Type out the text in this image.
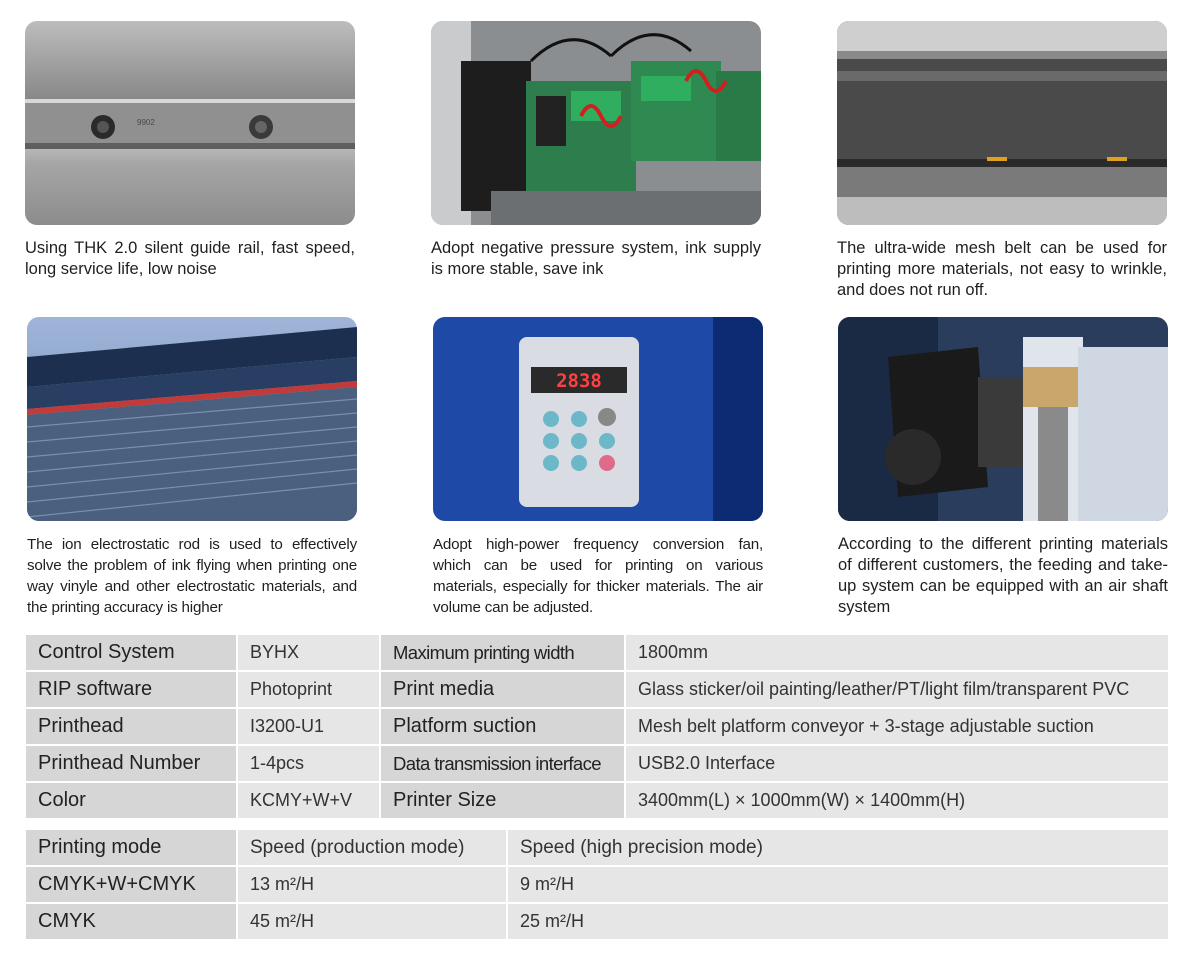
9902
Using THK 2.0 silent guide rail, fast speed, long service life, low noise
Adopt negative pressure system, ink supply is more stable, save ink
The ultra-wide mesh belt can be used for printing more materials, not easy to wrinkle, and does not run off.
The ion electrostatic rod is used to effectively solve the problem of ink flying when printing one way vinyle and other electrostatic materials, and the printing accuracy is higher
2838
Adopt high-power frequency conversion fan, which can be used for printing on various materials, especially for thicker materials. The air volume can be adjusted.
According to the different printing materials of different customers, the feeding and take-up system can be equipped with an air shaft system
Control System	BYHX	Maximum printing width	1800mm
RIP software	Photoprint	Print media	Glass sticker/oil painting/leather/PT/light film/transparent PVC
Printhead	I3200-U1	Platform suction	Mesh belt platform conveyor + 3-stage adjustable suction
Printhead Number	1-4pcs	Data transmission interface	USB2.0 Interface
Color	KCMY+W+V	Printer Size	3400mm(L) × 1000mm(W) × 1400mm(H)
Printing mode	Speed (production mode)	Speed (high precision mode)
CMYK+W+CMYK	13 m²/H	9 m²/H
CMYK	45 m²/H	25 m²/H
